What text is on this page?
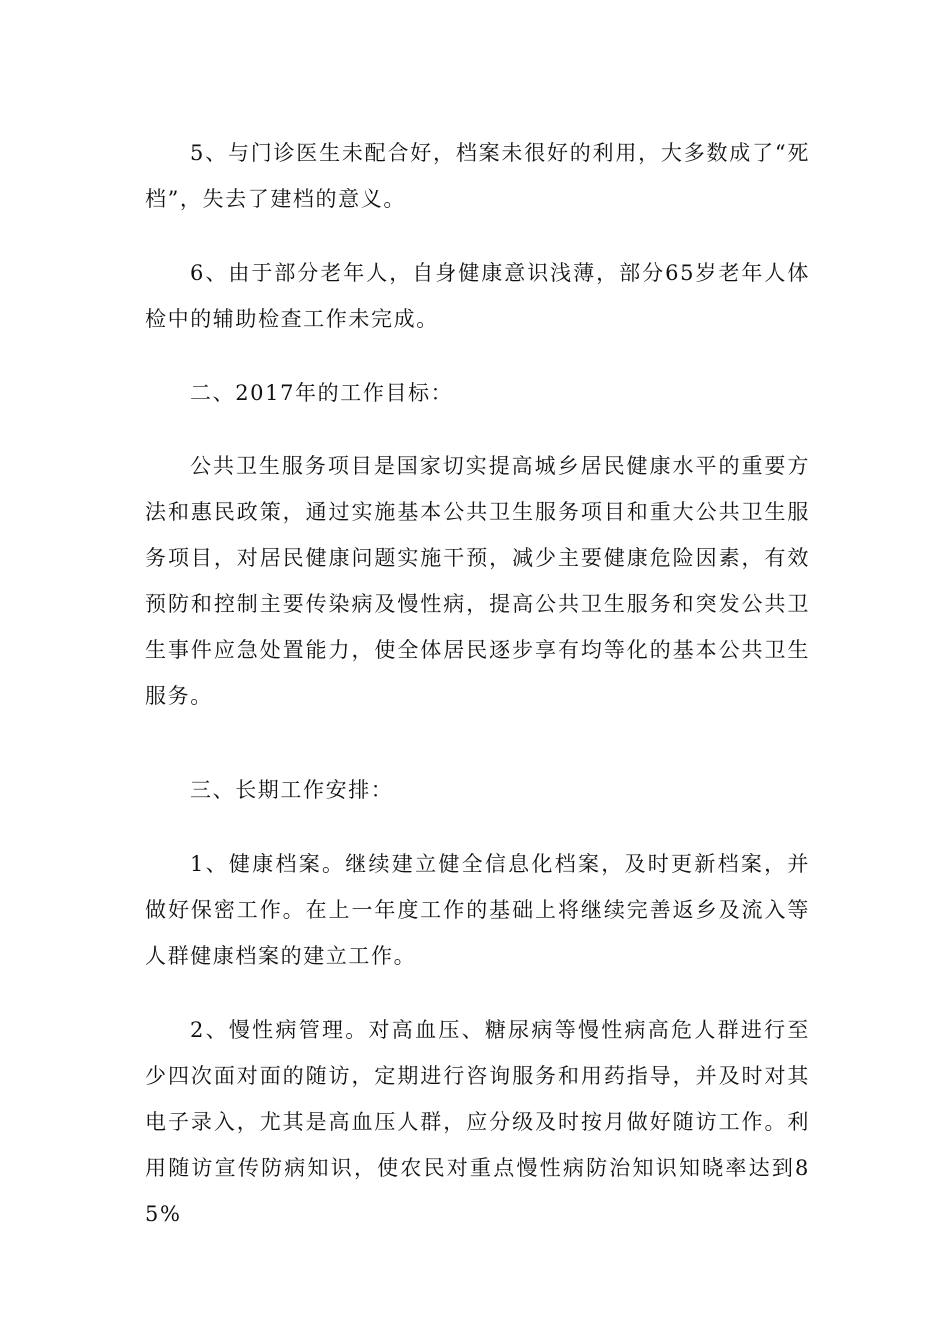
5、与门诊医生未配合好，档案未很好的利用，大多数成了“死档”，失去了建档的意义。

6、由于部分老年人，自身健康意识浅薄，部分65岁老年人体检中的辅助检查工作未完成。

二、2017年的工作目标：

公共卫生服务项目是国家切实提高城乡居民健康水平的重要方法和惠民政策，通过实施基本公共卫生服务项目和重大公共卫生服务项目，对居民健康问题实施干预，减少主要健康危险因素，有效预防和控制主要传染病及慢性病，提高公共卫生服务和突发公共卫生事件应急处置能力，使全体居民逐步享有均等化的基本公共卫生服务。

三、长期工作安排：

1、健康档案。继续建立健全信息化档案，及时更新档案，并做好保密工作。在上一年度工作的基础上将继续完善返乡及流入等人群健康档案的建立工作。

2、慢性病管理。对高血压、糖尿病等慢性病高危人群进行至少四次面对面的随访，定期进行咨询服务和用药指导，并及时对其电子录入，尤其是高血压人群，应分级及时按月做好随访工作。利用随访宣传防病知识，使农民对重点慢性病防治知识知晓率达到85%
